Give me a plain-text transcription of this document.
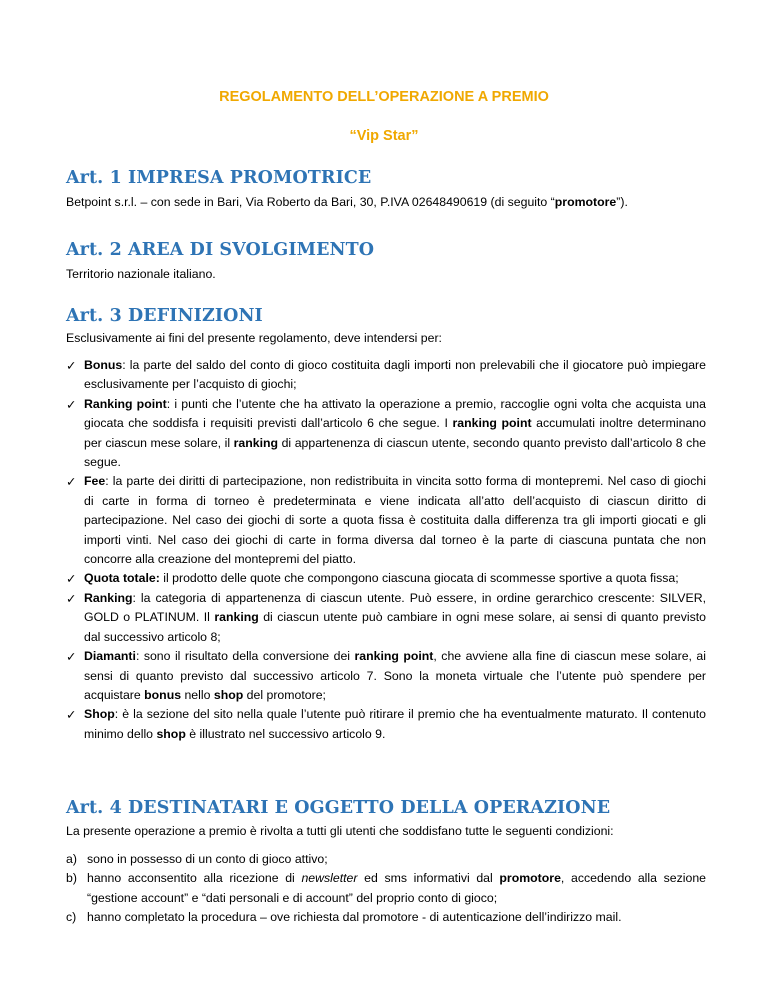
REGOLAMENTO DELL’OPERAZIONE A PREMIO
“Vip Star”
Art. 1 IMPRESA PROMOTRICE
Betpoint s.r.l. – con sede in Bari, Via Roberto da Bari, 30, P.IVA 02648490619 (di seguito “promotore”).
Art. 2 AREA DI SVOLGIMENTO
Territorio nazionale italiano.
Art. 3 DEFINIZIONI
Esclusivamente ai fini del presente regolamento, deve intendersi per:
✓ Bonus: la parte del saldo del conto di gioco costituita dagli importi non prelevabili che il giocatore può impiegare esclusivamente per l’acquisto di giochi;
✓ Ranking point: i punti che l’utente che ha attivato la operazione a premio, raccoglie ogni volta che acquista una giocata che soddisfa i requisiti previsti dall’articolo 6 che segue. I ranking point accumulati inoltre determinano per ciascun mese solare, il ranking di appartenenza di ciascun utente, secondo quanto previsto dall’articolo 8 che segue.
✓ Fee: la parte dei diritti di partecipazione, non redistribuita in vincita sotto forma di montepremi. Nel caso di giochi di carte in forma di torneo è predeterminata e viene indicata all’atto dell’acquisto di ciascun diritto di partecipazione. Nel caso dei giochi di sorte a quota fissa è costituita dalla differenza tra gli importi giocati e gli importi vinti. Nel caso dei giochi di carte in forma diversa dal torneo è la parte di ciascuna puntata che non concorre alla creazione del montepremi del piatto.
✓ Quota totale: il prodotto delle quote che compongono ciascuna giocata di scommesse sportive a quota fissa;
✓ Ranking: la categoria di appartenenza di ciascun utente. Può essere, in ordine gerarchico crescente: SILVER, GOLD o PLATINUM. Il ranking di ciascun utente può cambiare in ogni mese solare, ai sensi di quanto previsto dal successivo articolo 8;
✓ Diamanti: sono il risultato della conversione dei ranking point, che avviene alla fine di ciascun mese solare, ai sensi di quanto previsto dal successivo articolo 7. Sono la moneta virtuale che l’utente può spendere per acquistare bonus nello shop del promotore;
✓ Shop: è la sezione del sito nella quale l’utente può ritirare il premio che ha eventualmente maturato. Il contenuto minimo dello shop è illustrato nel successivo articolo 9.
Art. 4 DESTINATARI E OGGETTO DELLA OPERAZIONE
La presente operazione a premio è rivolta a tutti gli utenti che soddisfano tutte le seguenti condizioni:
a) sono in possesso di un conto di gioco attivo;
b) hanno acconsentito alla ricezione di newsletter ed sms informativi dal promotore, accedendo alla sezione “gestione account” e “dati personali e di account” del proprio conto di gioco;
c) hanno completato la procedura – ove richiesta dal promotore - di autenticazione dell’indirizzo mail.
